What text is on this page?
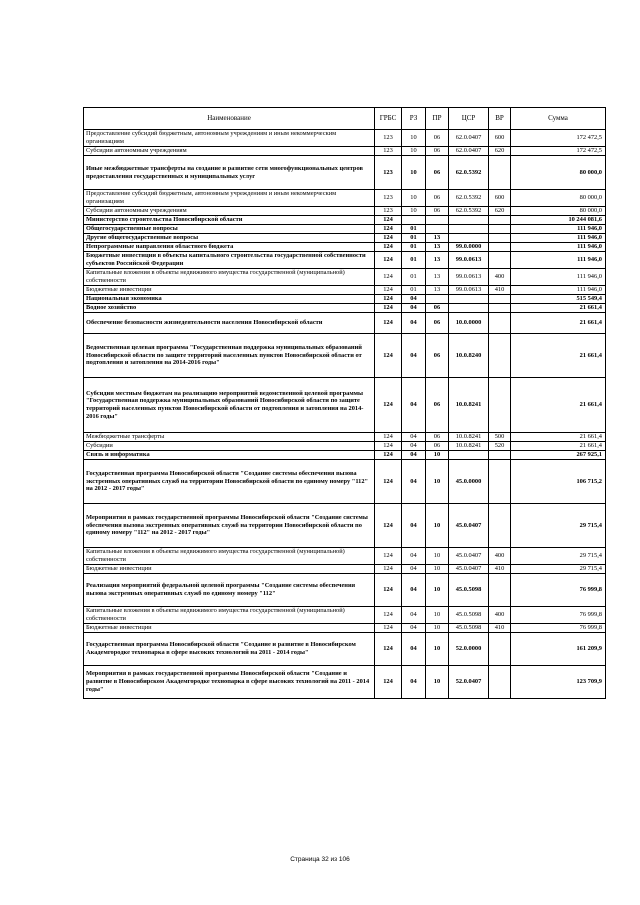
Наименование	ГРБС	РЗ	ПР	ЦСР	ВР	Сумма
Предоставление субсидий бюджетным, автономным учреждениям и иным некоммерческим организациям	123	10	06	62.0.0407	600	172 472,5
Субсидии автономным учреждениям	123	10	06	62.0.0407	620	172 472,5
Иные межбюджетные трансферты на создание и развитие сети многофункциональных центров предоставления государственных и муниципальных услуг	123	10	06	62.0.5392		80 000,0
Предоставление субсидий бюджетным, автономным учреждениям и иным некоммерческим организациям	123	10	06	62.0.5392	600	80 000,0
Субсидии автономным учреждениям	123	10	06	62.0.5392	620	80 000,0
Министерство строительства Новосибирской области	124					10 244 081,6
Общегосударственные вопросы	124	01				111 946,0
Другие общегосударственные вопросы	124	01	13			111 946,0
Непрограммные направления областного бюджета	124	01	13	99.0.0000		111 946,0
Бюджетные инвестиции в объекты капитального строительства государственной собственности субъектов Российской Федерации	124	01	13	99.0.0613		111 946,0
Капитальные вложения в объекты недвижимого имущества государственной (муниципальной) собственности	124	01	13	99.0.0613	400	111 946,0
Бюджетные инвестиции	124	01	13	99.0.0613	410	111 946,0
Национальная экономика	124	04				515 549,4
Водное хозяйство	124	04	06			21 661,4
Обеспечение безопасности жизнедеятельности населения Новосибирской области	124	04	06	10.0.0000		21 661,4
Ведомственная целевая программа "Государственная поддержка муниципальных образований Новосибирской области по защите территорий населенных пунктов Новосибирской области от подтопления и затопления на 2014-2016 годы"	124	04	06	10.0.8240		21 661,4
Субсидии местным бюджетам на реализацию мероприятий ведомственной целевой программы "Государственная поддержка муниципальных образований Новосибирской области по защите территорий населенных пунктов Новосибирской области от подтопления и затопления на 2014-2016 годы"	124	04	06	10.0.8241		21 661,4
Межбюджетные трансферты	124	04	06	10.0.8241	500	21 661,4
Субсидии	124	04	06	10.0.8241	520	21 661,4
Связь и информатика	124	04	10			267 925,1
Государственная программа Новосибирской области "Создание системы обеспечения вызова экстренных оперативных служб на территории Новосибирской области по единому номеру "112" на 2012 - 2017 годы"	124	04	10	45.0.0000		106 715,2
Мероприятия в рамках государственной программы Новосибирской области "Создание системы обеспечения вызова экстренных оперативных служб на территории Новосибирской области по единому номеру "112" на 2012 - 2017 годы"	124	04	10	45.0.0407		29 715,4
Капитальные вложения в объекты недвижимого имущества государственной (муниципальной) собственности	124	04	10	45.0.0407	400	29 715,4
Бюджетные инвестиции	124	04	10	45.0.0407	410	29 715,4
Реализация мероприятий федеральной целевой программы "Создание системы обеспечения вызова экстренных оперативных служб по единому номеру "112"	124	04	10	45.0.5098		76 999,8
Капитальные вложения в объекты недвижимого имущества государственной (муниципальной) собственности	124	04	10	45.0.5098	400	76 999,8
Бюджетные инвестиции	124	04	10	45.0.5098	410	76 999,8
Государственная программа Новосибирской области "Создание и развитие в Новосибирском Академгородке технопарка в сфере высоких технологий на 2011 - 2014 годы"	124	04	10	52.0.0000		161 209,9
Мероприятия в рамках государственной программы Новосибирской области "Создание и развитие в Новосибирском Академгородке технопарка в сфере высоких технологий на 2011 - 2014 годы"	124	04	10	52.0.0407		123 709,9
Страница 32 из 106
